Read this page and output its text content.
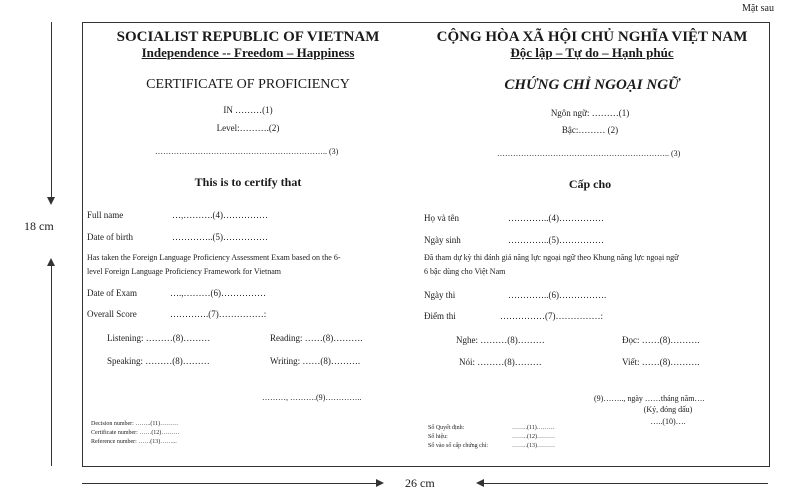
Mặt sau
18 cm
26 cm
SOCIALIST REPUBLIC OF VIETNAM
Independence -- Freedom – Happiness
CERTIFICATE OF PROFICIENCY
IN ………(1)
Level:……….(2)
……………………………………………………….. (3)
This is to certify that
Full name	…,……….(4)……………
Date of birth	…………..(5)……………
Has taken the Foreign Language Proficiency Assessment Exam based on the 6-
level Foreign Language Proficiency Framework for Vietnam
Date of Exam	….,………(6)……………
Overall Score	………….(7)……………:
Listening: ………(8)………	Reading: ……(8)……….
Speaking: ………(8)………	Writing: ……(8)……….
………, ……….(9)…………..
Decision number: ……..(11)………
Certificate number: ……(12)………
Reference number: ……(13)……...
CỘNG HÒA XÃ HỘI CHỦ NGHĨA VIỆT NAM
Độc lập – Tự do – Hạnh phúc
CHỨNG CHỈ NGOẠI NGỮ
Ngôn ngữ: ………(1)
Bậc:……… (2)
……………………………………………………….. (3)
Cấp cho
Họ và tên	…………..(4)……………
Ngày sinh	…………..(5)……………
Đã tham dự kỳ thi đánh giá năng lực ngoại ngữ theo Khung năng lực ngoại ngữ
6 bậc dùng cho Việt Nam
Ngày thi	…………..(6)…………….
Điểm thi	……………(7)……………:
Nghe: ………(8)………	Đọc: ……(8)……….
Nói: ………(8)………	Viết: ……(8)……….
(9)…….., ngày ……tháng năm….
(Ký, đóng dấu)
…..(10)….
Số Quyết định:	……..(11)………
Số hiệu:	……..(12)………
Số vào sổ cấp chứng chỉ:	……..(13)………
